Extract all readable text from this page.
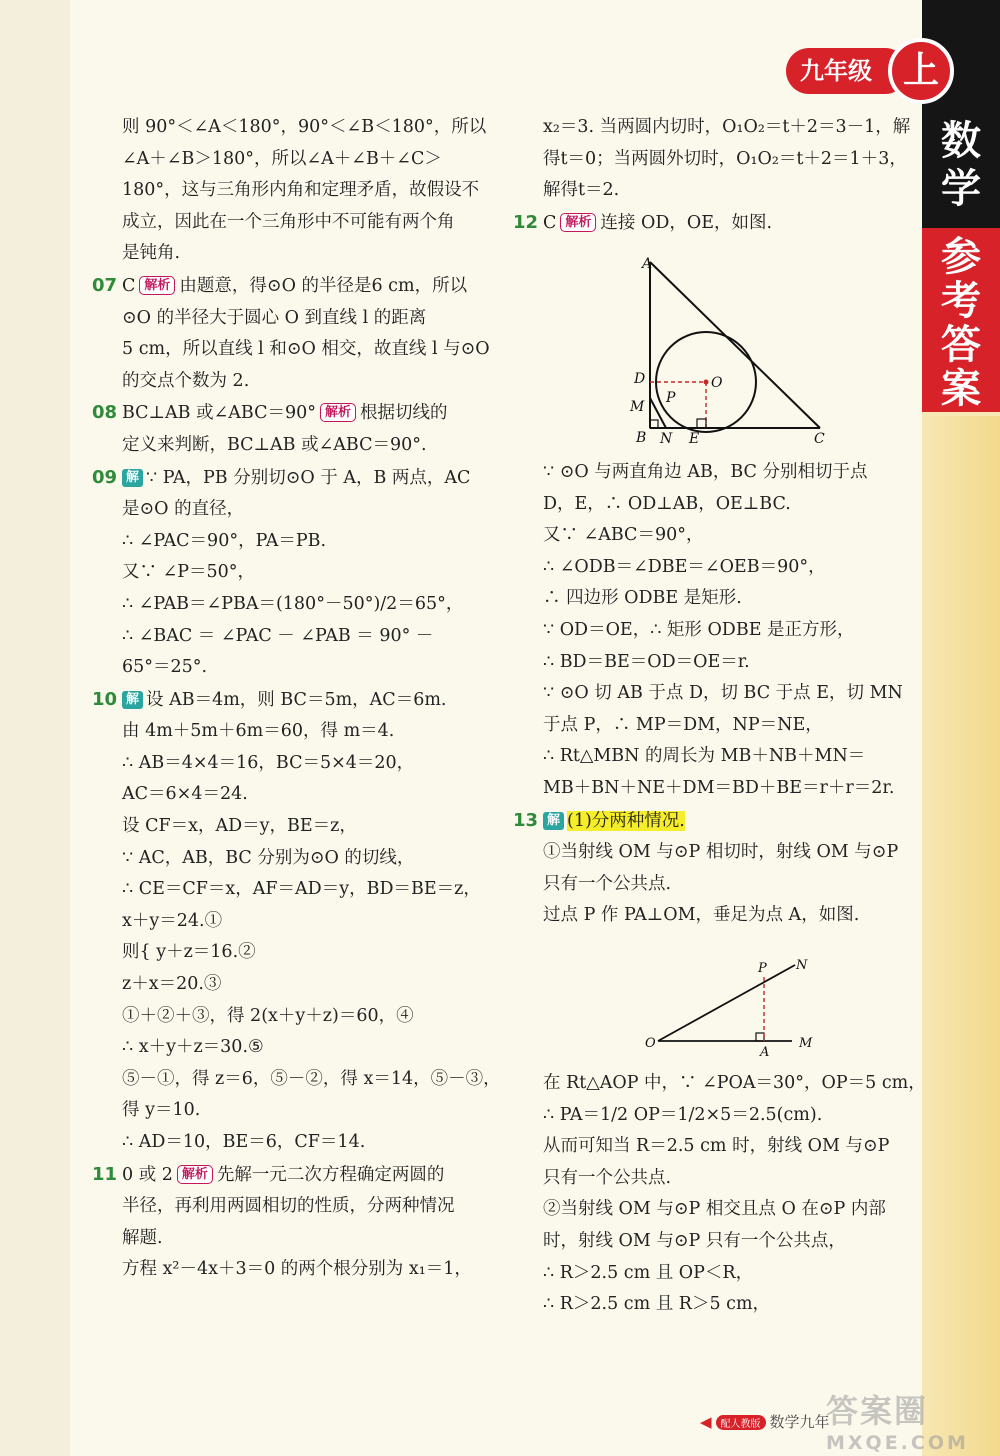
数
学
参
考
答
案
九年级 上

则 90°＜∠A＜180°，90°＜∠B＜180°，所以

∠A＋∠B＞180°，所以∠A＋∠B＋∠C＞

180°，这与三角形内角和定理矛盾，故假设不

成立，因此在一个三角形中不可能有两个角

是钝角.

07 C 解析 由题意，得⊙O 的半径是6 cm，所以

⊙O 的半径大于圆心 O 到直线 l 的距离

5 cm，所以直线 l 和⊙O 相交，故直线 l 与⊙O

的交点个数为 2.

08 BC⊥AB 或∠ABC＝90° 解析 根据切线的

定义来判断，BC⊥AB 或∠ABC＝90°.

09 解 ∵ PA，PB 分别切⊙O 于 A，B 两点，AC

是⊙O 的直径，

∴ ∠PAC＝90°，PA＝PB.

又∵ ∠P＝50°，

∴ ∠PAB＝∠PBA＝(180°－50°)/2＝65°，

∴ ∠BAC ＝ ∠PAC － ∠PAB ＝ 90° －

65°＝25°.

10 解 设 AB＝4m，则 BC＝5m，AC＝6m.

由 4m＋5m＋6m＝60，得 m＝4.

∴ AB＝4×4＝16，BC＝5×4＝20，

AC＝6×4＝24.

设 CF＝x，AD＝y，BE＝z，

∵ AC，AB，BC 分别为⊙O 的切线，

∴ CE＝CF＝x，AF＝AD＝y，BD＝BE＝z，

x＋y＝24.①

则{ y＋z＝16.②

z＋x＝20.③

①＋②＋③，得 2(x＋y＋z)＝60，④

∴ x＋y＋z＝30.⑤

⑤－①，得 z＝6，⑤－②，得 x＝14，⑤－③，

得 y＝10.

∴ AD＝10，BE＝6，CF＝14.

11 0 或 2 解析 先解一元二次方程确定两圆的

半径，再利用两圆相切的性质，分两种情况

解题.

方程 x²－4x＋3＝0 的两个根分别为 x₁＝1，

x₂＝3. 当两圆内切时，O₁O₂＝t＋2＝3－1，解

得t＝0；当两圆外切时，O₁O₂＝t＋2＝1＋3，

解得t＝2.

12 C 解析 连接 OD，OE，如图.

A
O
D
M
P
B N E	C

∵ ⊙O 与两直角边 AB，BC 分别相切于点

D，E，∴ OD⊥AB，OE⊥BC.

又∵ ∠ABC＝90°，

∴ ∠ODB＝∠DBE＝∠OEB＝90°，

∴ 四边形 ODBE 是矩形.

∵ OD＝OE，∴ 矩形 ODBE 是正方形，

∴ BD＝BE＝OD＝OE＝r.

∵ ⊙O 切 AB 于点 D，切 BC 于点 E，切 MN

于点 P，∴ MP＝DM，NP＝NE，

∴ Rt△MBN 的周长为 MB＋NB＋MN＝

MB＋BN＋NE＋DM＝BD＋BE＝r＋r＝2r.

13 解 (1)分两种情况.

①当射线 OM 与⊙P 相切时，射线 OM 与⊙P

只有一个公共点.

过点 P 作 PA⊥OM，垂足为点 A，如图.

P N
O
A
M

在 Rt△AOP 中，∵ ∠POA＝30°，OP＝5 cm，

∴ PA＝1/2 OP＝1/2×5＝2.5(cm).

从而可知当 R＝2.5 cm 时，射线 OM 与⊙P

只有一个公共点.

②当射线 OM 与⊙P 相交且点 O 在⊙P 内部

时，射线 OM 与⊙P 只有一个公共点，

∴ R＞2.5 cm 且 OP＜R，

∴ R＞2.5 cm 且 R＞5 cm，

◀ 配人教版 数学九年
答案圈
MXQE.COM
